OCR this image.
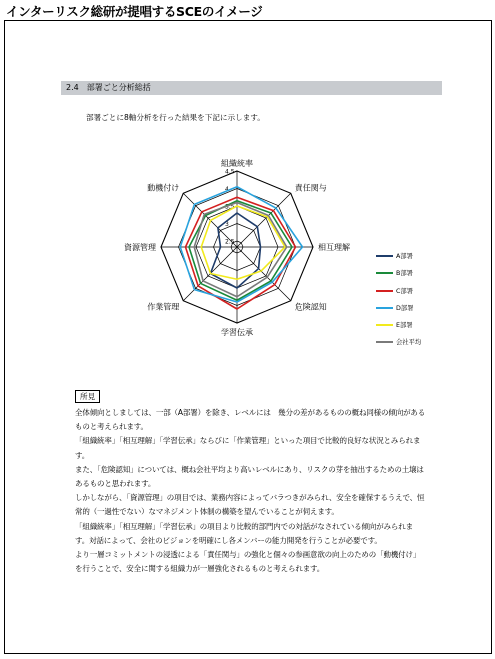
インターリスク総研が提唱するSCEのイメージ
2.4 部署ごと分析総括
部署ごとに8軸分析を行った結果を下記に示します。
2.5
3
3.5
4
4.5
組織統率
責任関与
相互理解
危険認知
学習伝承
作業管理
資源管理
動機付け
A部署
B部署
C部署
D部署
E部署
会社平均
所見

全体傾向としましては、一部（A部署）を除き、レベルには　幾分の差があるものの概ね同様の傾向があるものと考えられます。

「組織統率」「相互理解」「学習伝承」ならびに「作業管理」といった項目で比較的良好な状況とみられます。

また、「危険認知」については、概ね会社平均より高いレベルにあり、リスクの芽を抽出するための土壌はあるものと思われます。

しかしながら、「資源管理」の項目では、業務内容によってバラつきがみられ、安全を確保するうえで、恒常的（一過性でない）なマネジメント体制の構築を望んでいることが伺えます。

「組織統率」「相互理解」「学習伝承」の項目より比較的部門内での対話がなされている傾向がみられます。対話によって、会社のビジョンを明確にし各メンバーの能力開発を行うことが必要です。

より一層コミットメントの浸透による「責任関与」の強化と個々の参画意欲の向上のための「動機付け」を行うことで、安全に関する組織力が一層強化されるものと考えられます。
